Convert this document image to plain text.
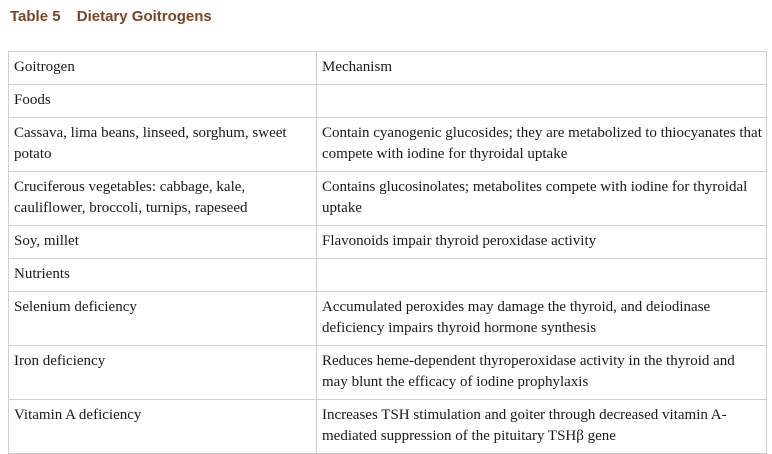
Table 5 Dietary Goitrogens
Goitrogen	Mechanism
Foods	
Cassava, lima beans, linseed, sorghum, sweet potato	Contain cyanogenic glucosides; they are metabolized to thiocyanates that compete with iodine for thyroidal uptake
Cruciferous vegetables: cabbage, kale, cauliflower, broccoli, turnips, rapeseed	Contains glucosinolates; metabolites compete with iodine for thyroidal uptake
Soy, millet	Flavonoids impair thyroid peroxidase activity
Nutrients	
Selenium deficiency	Accumulated peroxides may damage the thyroid, and deiodinase deficiency impairs thyroid hormone synthesis
Iron deficiency	Reduces heme-dependent thyroperoxidase activity in the thyroid and may blunt the efficacy of iodine prophylaxis
Vitamin A deficiency	Increases TSH stimulation and goiter through decreased vitamin A-mediated suppression of the pituitary TSHβ gene
